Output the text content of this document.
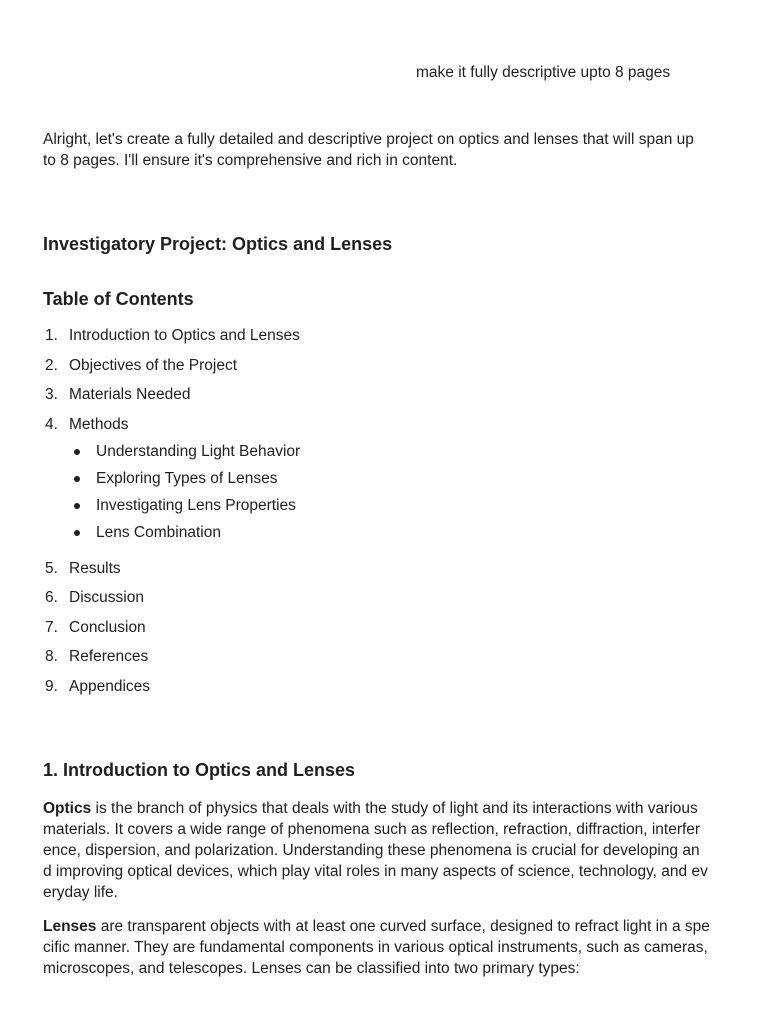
make it fully descriptive upto 8 pages

Alright, let's create a fully detailed and descriptive project on optics and lenses that will span up
to 8 pages. I'll ensure it's comprehensive and rich in content.

Investigatory Project: Optics and Lenses
Table of Contents
1. Introduction to Optics and Lenses
2. Objectives of the Project
3. Materials Needed
4. Methods
Understanding Light Behavior
Exploring Types of Lenses
Investigating Lens Properties
Lens Combination
5. Results
6. Discussion
7. Conclusion
8. References
9. Appendices
1. Introduction to Optics and Lenses

Optics is the branch of physics that deals with the study of light and its interactions with various
materials. It covers a wide range of phenomena such as reflection, refraction, diffraction, interfer
ence, dispersion, and polarization. Understanding these phenomena is crucial for developing an
d improving optical devices, which play vital roles in many aspects of science, technology, and ev
eryday life.

Lenses are transparent objects with at least one curved surface, designed to refract light in a spe
cific manner. They are fundamental components in various optical instruments, such as cameras,
microscopes, and telescopes. Lenses can be classified into two primary types:
